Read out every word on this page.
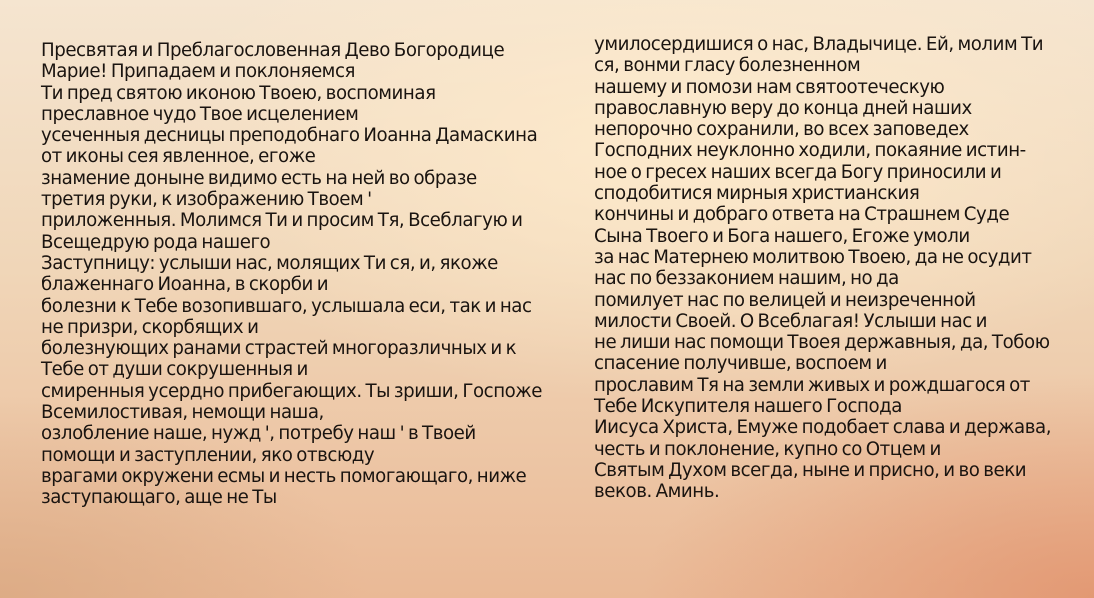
Пресвятая и Преблагословенная Дево Богородице
Марие! Припадаем и поклоняемся
Ти пред святою иконою Твоею, воспоминая
преславное чудо Твое исцелением
усеченныя десницы преподобнаго Иоанна Дамаскина
от иконы сея явленное, егоже
знамение доныне видимо есть на ней во образе
третия руки, к изображению Твоем '
приложенныя. Молимся Ти и просим Тя, Всеблагую и
Всещедрую рода нашего
Заступницу: услыши нас, молящих Ти ся, и, якоже
блаженнаго Иоанна, в скорби и
болезни к Тебе возопившаго, услышала еси, так и нас
не призри, скорбящих и
болезнующих ранами страстей многоразличных и к
Тебе от души сокрушенныя и
смиренныя усердно прибегающих. Ты зриши, Госпоже
Всемилостивая, немощи наша,
озлобление наше, нужд ', потребу наш ' в Твоей
помощи и заступлении, яко отвсюду
врагами окружени есмы и несть помогающаго, ниже
заступающаго, аще не Ты
умилосердишися о нас, Владычице. Ей, молим Ти
ся, вонми гласу болезненном
нашему и помози нам святоотеческую
православную веру до конца дней наших
непорочно сохранили, во всех заповедех
Господних неуклонно ходили, покаяние истин-
ное о гресех наших всегда Богу приносили и
сподобитися мирныя христианския
кончины и добраго ответа на Страшнем Суде
Сына Твоего и Бога нашего, Егоже умоли
за нас Матернею молитвою Твоею, да не осудит
нас по беззаконием нашим, но да
помилует нас по велицей и неизреченной
милости Своей. О Всеблагая! Услыши нас и
не лиши нас помощи Твоея державныя, да, Тобою
спасение получивше, воспоем и
прославим Тя на земли живых и рождшагося от
Тебе Искупителя нашего Господа
Иисуса Христа, Емуже подобает слава и держава,
честь и поклонение, купно со Отцем и
Святым Духом всегда, ныне и присно, и во веки
веков. Аминь.
